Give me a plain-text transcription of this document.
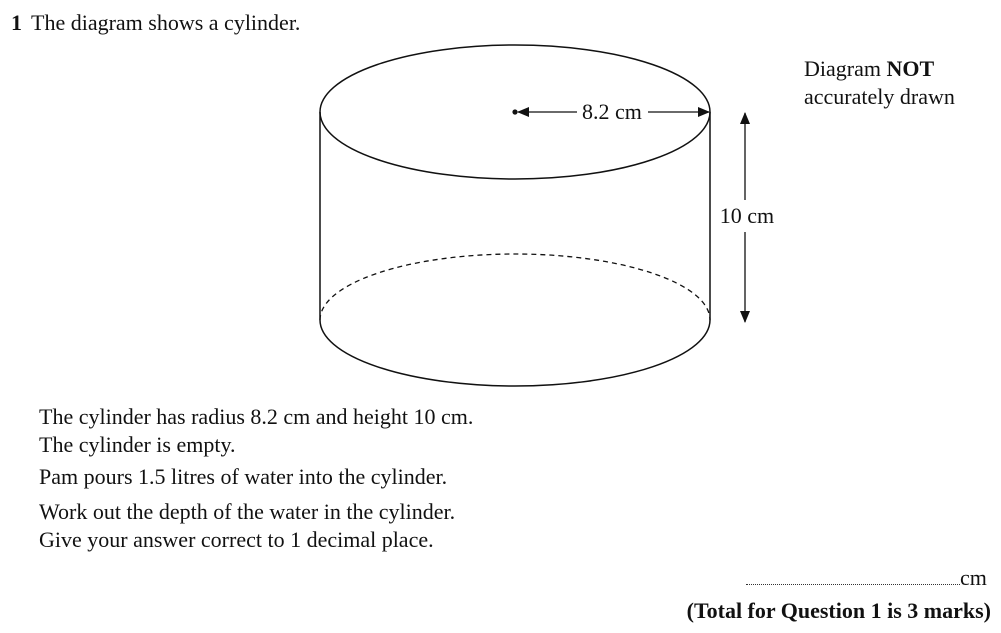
1 The diagram shows a cylinder.
Diagram NOT
accurately drawn
8.2 cm
10 cm
The cylinder has radius 8.2 cm and height 10 cm.
The cylinder is empty.
Pam pours 1.5 litres of water into the cylinder.
Work out the depth of the water in the cylinder.
Give your answer correct to 1 decimal place.
cm
(Total for Question 1 is 3 marks)
